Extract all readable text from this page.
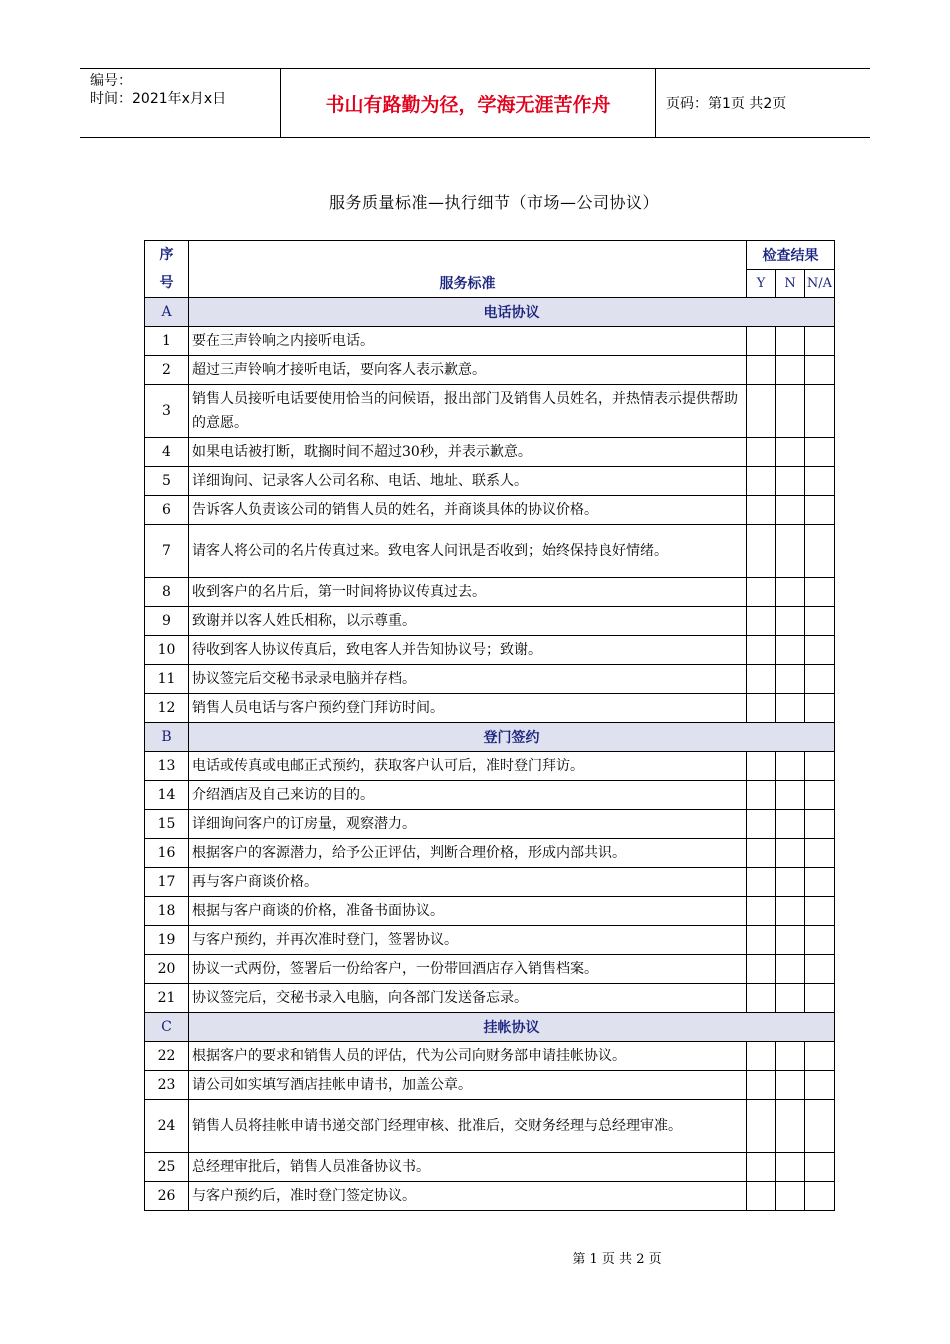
编号：
时间：2021年x月x日	书山有路勤为径，学海无涯苦作舟	页码：第1页 共2页
服务质量标准—执行细节（市场—公司协议）
序
号	服务标准	检查结果		
		Y	N	N/A
A	电话协议			
1	要在三声铃响之内接听电话。			
2	超过三声铃响才接听电话，要向客人表示歉意。			
3	销售人员接听电话要使用恰当的问候语，报出部门及销售人员姓名，并热情表示提供帮助的意愿。			
4	如果电话被打断，耽搁时间不超过30秒，并表示歉意。			
5	详细询问、记录客人公司名称、电话、地址、联系人。			
6	告诉客人负责该公司的销售人员的姓名，并商谈具体的协议价格。			
7	请客人将公司的名片传真过来。致电客人问讯是否收到；始终保持良好情绪。			
8	收到客户的名片后，第一时间将协议传真过去。			
9	致谢并以客人姓氏相称，以示尊重。			
10	待收到客人协议传真后，致电客人并告知协议号；致谢。			
11	协议签完后交秘书录录电脑并存档。			
12	销售人员电话与客户预约登门拜访时间。			
B	登门签约			
13	电话或传真或电邮正式预约，获取客户认可后，准时登门拜访。			
14	介绍酒店及自己来访的目的。			
15	详细询问客户的订房量，观察潜力。			
16	根据客户的客源潜力，给予公正评估，判断合理价格，形成内部共识。			
17	再与客户商谈价格。			
18	根据与客户商谈的价格，准备书面协议。			
19	与客户预约，并再次准时登门，签署协议。			
20	协议一式两份，签署后一份给客户，一份带回酒店存入销售档案。			
21	协议签完后，交秘书录入电脑，向各部门发送备忘录。			
C	挂帐协议			
22	根据客户的要求和销售人员的评估，代为公司向财务部申请挂帐协议。			
23	请公司如实填写酒店挂帐申请书，加盖公章。			
24	销售人员将挂帐申请书递交部门经理审核、批准后，交财务经理与总经理审准。			
25	总经理审批后，销售人员准备协议书。			
26	与客户预约后，准时登门签定协议。			
第 1 页 共 2 页
